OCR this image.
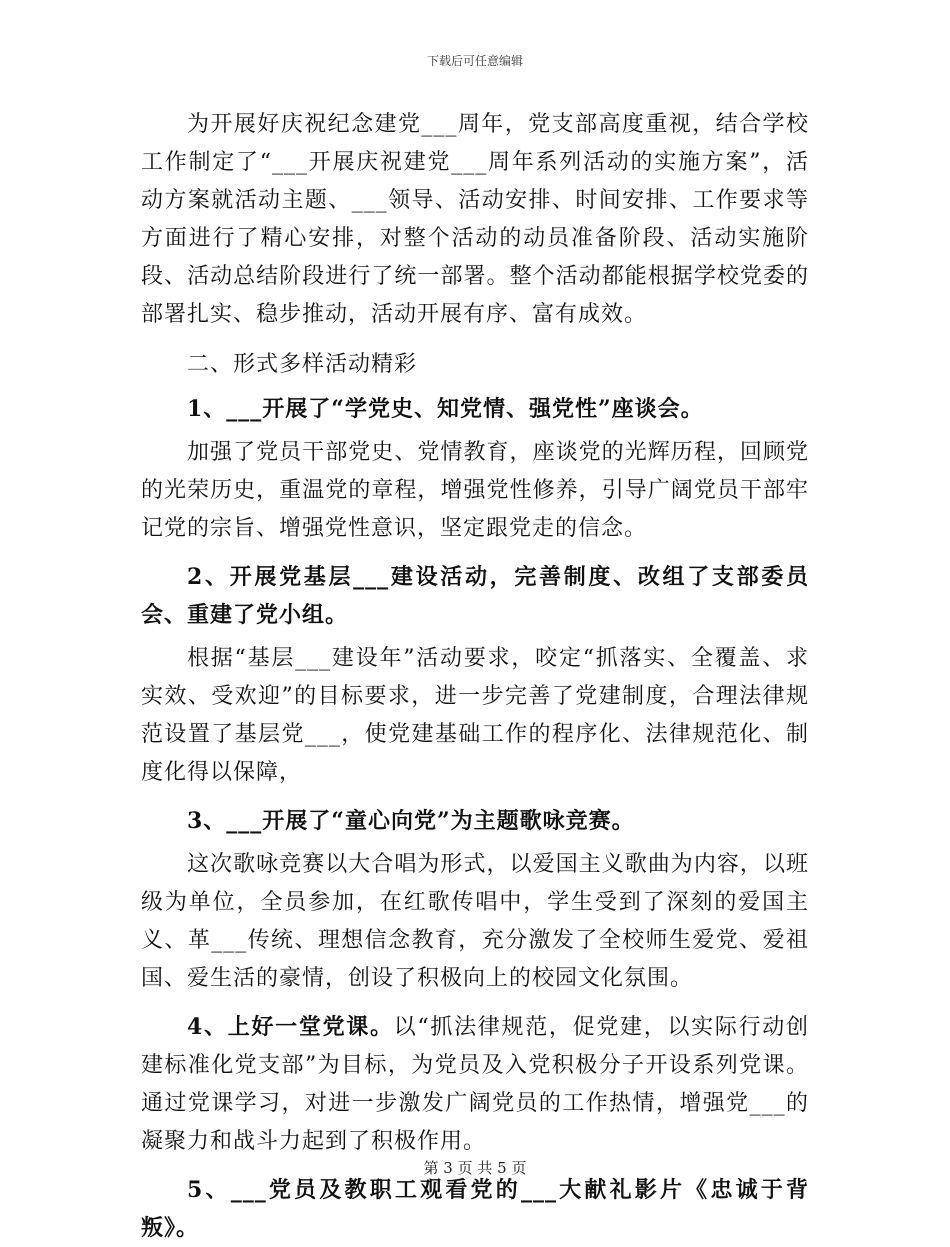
下载后可任意编辑

为开展好庆祝纪念建党___周年，党支部高度重视，结合学校工作制定了“___开展庆祝建党___周年系列活动的实施方案”，活动方案就活动主题、___领导、活动安排、时间安排、工作要求等方面进行了精心安排，对整个活动的动员准备阶段、活动实施阶段、活动总结阶段进行了统一部署。整个活动都能根据学校党委的部署扎实、稳步推动，活动开展有序、富有成效。

二、形式多样活动精彩

1、___开展了“学党史、知党情、强党性”座谈会。

加强了党员干部党史、党情教育，座谈党的光辉历程，回顾党的光荣历史，重温党的章程，增强党性修养，引导广阔党员干部牢记党的宗旨、增强党性意识，坚定跟党走的信念。

2、开展党基层___建设活动，完善制度、改组了支部委员会、重建了党小组。

根据“基层___建设年”活动要求，咬定“抓落实、全覆盖、求实效、受欢迎”的目标要求，进一步完善了党建制度，合理法律规范设置了基层党___，使党建基础工作的程序化、法律规范化、制度化得以保障，

3、___开展了“童心向党”为主题歌咏竞赛。

这次歌咏竞赛以大合唱为形式，以爱国主义歌曲为内容，以班级为单位，全员参加，在红歌传唱中，学生受到了深刻的爱国主义、革___传统、理想信念教育，充分激发了全校师生爱党、爱祖国、爱生活的豪情，创设了积极向上的校园文化氛围。

4、上好一堂党课。以“抓法律规范，促党建，以实际行动创建标准化党支部”为目标，为党员及入党积极分子开设系列党课。通过党课学习，对进一步激发广阔党员的工作热情，增强党___的凝聚力和战斗力起到了积极作用。

5、___党员及教职工观看党的___大献礼影片《忠诚于背叛》。

第 3 页 共 5 页
